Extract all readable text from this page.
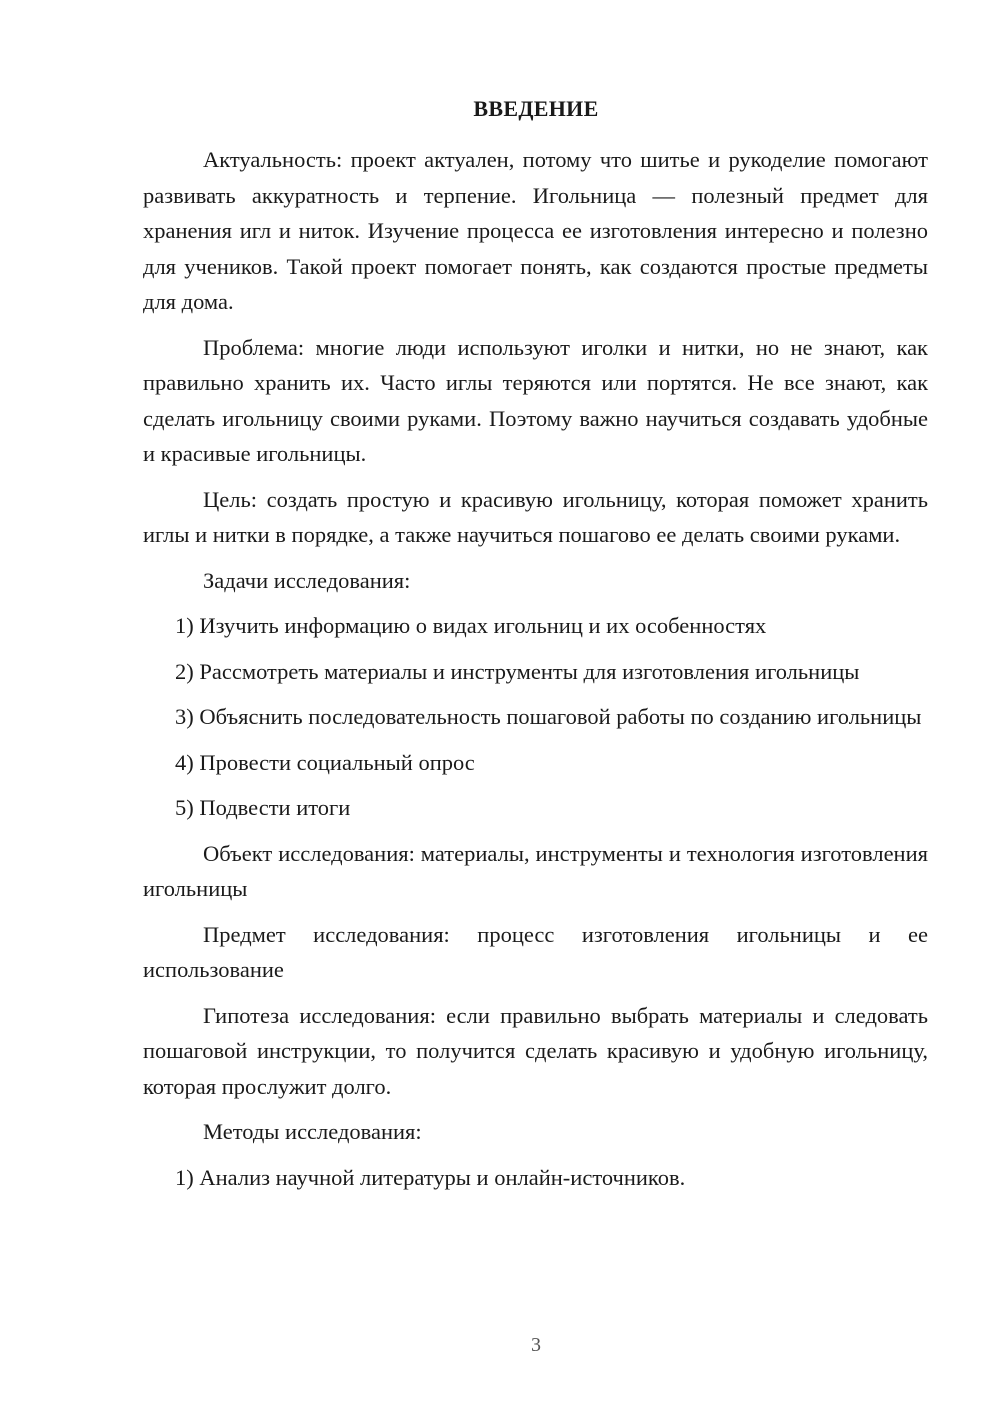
ВВЕДЕНИЕ

Актуальность: проект актуален, потому что шитье и рукоделие помогают развивать аккуратность и терпение. Игольница — полезный предмет для хранения игл и ниток. Изучение процесса ее изготовления интересно и полезно для учеников. Такой проект помогает понять, как создаются простые предметы для дома.

Проблема: многие люди используют иголки и нитки, но не знают, как правильно хранить их. Часто иглы теряются или портятся. Не все знают, как сделать игольницу своими руками. Поэтому важно научиться создавать удобные и красивые игольницы.

Цель: создать простую и красивую игольницу, которая поможет хранить иглы и нитки в порядке, а также научиться пошагово ее делать своими руками.

Задачи исследования:

1) Изучить информацию о видах игольниц и их особенностях

2) Рассмотреть материалы и инструменты для изготовления игольницы

3) Объяснить последовательность пошаговой работы по созданию игольницы

4) Провести социальный опрос

5) Подвести итоги

Объект исследования: материалы, инструменты и технология изготовления игольницы

Предмет исследования: процесс изготовления игольницы и ее использование

Гипотеза исследования: если правильно выбрать материалы и следовать пошаговой инструкции, то получится сделать красивую и удобную игольницу, которая прослужит долго.

Методы исследования:

1) Анализ научной литературы и онлайн-источников.

3
